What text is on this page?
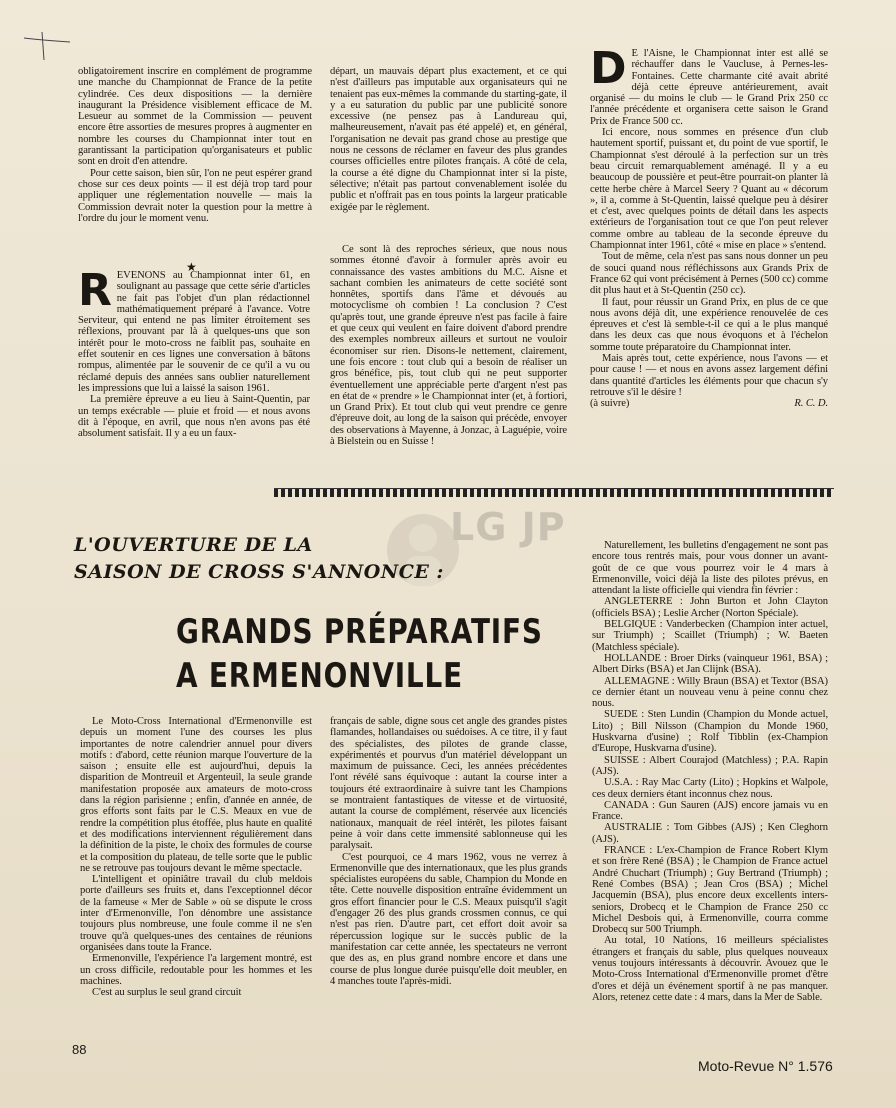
obligatoirement inscrire en complément de programme une manche du Championnat de France de la petite cylindrée. Ces deux dispositions — la dernière inaugurant la Présidence visiblement efficace de M. Lesueur au sommet de la Commission — peuvent encore être assorties de mesures propres à augmenter en nombre les courses du Championnat inter tout en garantissant la participation qu'organisateurs et public sont en droit d'en attendre.

Pour cette saison, bien sûr, l'on ne peut espérer grand chose sur ces deux points — il est déjà trop tard pour appliquer une réglementation nouvelle — mais la Commission devrait noter la question pour la mettre à l'ordre du jour le moment venu.

départ, un mauvais départ plus exactement, et ce qui n'est d'ailleurs pas imputable aux organisateurs qui ne tenaient pas eux-mêmes la commande du starting-gate, il y a eu saturation du public par une publicité sonore excessive (ne pensez pas à Landureau qui, malheureusement, n'avait pas été appelé) et, en général, l'organisation ne devait pas grand chose au prestige que nous ne cessons de réclamer en faveur des plus grandes courses officielles entre pilotes français. A côté de cela, la course a été digne du Championnat inter si la piste, sélective; n'était pas partout convenablement isolée du public et n'offrait pas en tous points la largeur praticable exigée par le règlement.

D E l'Aisne, le Championnat inter est allé se réchauffer dans le Vaucluse, à Pernes-les-Fontaines. Cette charmante cité avait abrité déjà cette épreuve antérieurement, avait organisé — du moins le club — le Grand Prix 250 cc l'année précédente et organisera cette saison le Grand Prix de France 500 cc.

Ici encore, nous sommes en présence d'un club hautement sportif, puissant et, du point de vue sportif, le Championnat s'est déroulé à la perfection sur un très beau circuit remarquablement aménagé. Il y a eu beaucoup de poussière et peut-être pourrait-on planter là cette herbe chère à Marcel Seery ? Quant au « décorum », il a, comme à St-Quentin, laissé quelque peu à désirer et c'est, avec quelques points de détail dans les aspects extérieurs de l'organisation tout ce que l'on peut relever comme ombre au tableau de la seconde épreuve du Championnat inter 1961, côté « mise en place » s'entend.

Tout de même, cela n'est pas sans nous donner un peu de souci quand nous réfléchissons aux Grands Prix de France 62 qui vont précisément à Pernes (500 cc) comme dit plus haut et à St-Quentin (250 cc).

Il faut, pour réussir un Grand Prix, en plus de ce que nous avons déjà dit, une expérience renouvelée de ces épreuves et c'est là semble-t-il ce qui a le plus manqué dans les deux cas que nous évoquons et à l'échelon somme toute préparatoire du Championnat inter.

Mais après tout, cette expérience, nous l'avons — et pour cause ! — et nous en avons assez largement défini dans quantité d'articles les éléments pour que chacun s'y retrouve s'il le désire !

(à suivre)	R. C. D.

★

REVENONS au Championnat inter 61, en soulignant au passage que cette série d'articles ne fait pas l'objet d'un plan rédactionnel mathématiquement préparé à l'avance. Votre Serviteur, qui entend ne pas limiter étroitement ses réflexions, prouvant par là à quelques-uns que son intérêt pour le moto-cross ne faiblit pas, souhaite en effet soutenir en ces lignes une conversation à bâtons rompus, alimentée par le souvenir de ce qu'il a vu ou réclamé depuis des années sans oublier naturellement les impressions que lui a laissé la saison 1961.

La première épreuve a eu lieu à Saint-Quentin, par un temps exécrable — pluie et froid — et nous avons dit à l'époque, en avril, que nous n'en avons pas été absolument satisfait. Il y a eu un faux-

Ce sont là des reproches sérieux, que nous nous sommes étonné d'avoir à formuler après avoir eu connaissance des vastes ambitions du M.C. Aisne et sachant combien les animateurs de cette société sont honnêtes, sportifs dans l'âme et dévoués au motocyclisme oh combien ! La conclusion ? C'est qu'après tout, une grande épreuve n'est pas facile à faire et que ceux qui veulent en faire doivent d'abord prendre des exemples nombreux ailleurs et surtout ne vouloir économiser sur rien. Disons-le nettement, clairement, une fois encore : tout club qui a besoin de réaliser un gros bénéfice, pis, tout club qui ne peut supporter éventuellement une appréciable perte d'argent n'est pas en état de « prendre » le Championnat inter (et, à fortiori, un Grand Prix). Et tout club qui veut prendre ce genre d'épreuve doit, au long de la saison qui précède, envoyer des observations à Mayenne, à Jonzac, à Laguépie, voire à Bielstein ou en Suisse !

LG JP
L'OUVERTURE DE LA
SAISON DE CROSS S'ANNONCE :
GRANDS PRÉPARATIFS
A ERMENONVILLE

Le Moto-Cross International d'Ermenonville est depuis un moment l'une des courses les plus importantes de notre calendrier annuel pour divers motifs : d'abord, cette réunion marque l'ouverture de la saison ; ensuite elle est aujourd'hui, depuis la disparition de Montreuil et Argenteuil, la seule grande manifestation proposée aux amateurs de moto-cross dans la région parisienne ; enfin, d'année en année, de gros efforts sont faits par le C.S. Meaux en vue de rendre la compétition plus étoffée, plus haute en qualité et des modifications interviennent régulièrement dans la définition de la piste, le choix des formules de course et la composition du plateau, de telle sorte que le public ne se retrouve pas toujours devant le même spectacle.

L'intelligent et opiniâtre travail du club meldois porte d'ailleurs ses fruits et, dans l'exceptionnel décor de la fameuse « Mer de Sable » où se dispute le cross inter d'Ermenonville, l'on dénombre une assistance toujours plus nombreuse, une foule comme il ne s'en trouve qu'à quelques-unes des centaines de réunions organisées dans toute la France.

Ermenonville, l'expérience l'a largement montré, est un cross difficile, redoutable pour les hommes et les machines.

C'est au surplus le seul grand circuit

français de sable, digne sous cet angle des grandes pistes flamandes, hollandaises ou suédoises. A ce titre, il y faut des spécialistes, des pilotes de grande classe, expérimentés et pourvus d'un matériel développant un maximum de puissance. Ceci, les années précédentes l'ont révélé sans équivoque : autant la course inter a toujours été extraordinaire à suivre tant les Champions se montraient fantastiques de vitesse et de virtuosité, autant la course de complément, réservée aux licenciés nationaux, manquait de réel intérêt, les pilotes faisant peine à voir dans cette immensité sablonneuse qui les paralysait.

C'est pourquoi, ce 4 mars 1962, vous ne verrez à Ermenonville que des internationaux, que les plus grands spécialistes européens du sable, Champion du Monde en tête. Cette nouvelle disposition entraîne évidemment un gros effort financier pour le C.S. Meaux puisqu'il s'agit d'engager 26 des plus grands crossmen connus, ce qui n'est pas rien. D'autre part, cet effort doit avoir sa répercussion logique sur le succès public de la manifestation car cette année, les spectateurs ne verront que des as, en plus grand nombre encore et dans une course de plus longue durée puisqu'elle doit meubler, en 4 manches toute l'après-midi.

Naturellement, les bulletins d'engagement ne sont pas encore tous rentrés mais, pour vous donner un avant-goût de ce que vous pourrez voir le 4 mars à Ermenonville, voici déjà la liste des pilotes prévus, en attendant la liste officielle qui viendra fin février :

ANGLETERRE : John Burton et John Clayton (officiels BSA) ; Leslie Archer (Norton Spéciale).

BELGIQUE : Vanderbecken (Champion inter actuel, sur Triumph) ; Scaillet (Triumph) ; W. Baeten (Matchless spéciale).

HOLLANDE : Broer Dirks (vainqueur 1961, BSA) ; Albert Dirks (BSA) et Jan Clijnk (BSA).

ALLEMAGNE : Willy Braun (BSA) et Textor (BSA) ce dernier étant un nouveau venu à peine connu chez nous.

SUEDE : Sten Lundin (Champion du Monde actuel, Lito) ; Bill Nilsson (Champion du Monde 1960, Huskvarna d'usine) ; Rolf Tibblin (ex-Champion d'Europe, Huskvarna d'usine).

SUISSE : Albert Courajod (Matchless) ; P.A. Rapin (AJS).

U.S.A. : Ray Mac Carty (Lito) ; Hopkins et Walpole, ces deux derniers étant inconnus chez nous.

CANADA : Gun Sauren (AJS) encore jamais vu en France.

AUSTRALIE : Tom Gibbes (AJS) ; Ken Cleghorn (AJS).

FRANCE : L'ex-Champion de France Robert Klym et son frère René (BSA) ; le Champion de France actuel André Chuchart (Triumph) ; Guy Bertrand (Triumph) ; René Combes (BSA) ; Jean Cros (BSA) ; Michel Jacquemin (BSA), plus encore deux excellents inters-seniors, Drobecq et le Champion de France 250 cc Michel Desbois qui, à Ermenonville, courra comme Drobecq sur 500 Triumph.

Au total, 10 Nations, 16 meilleurs spécialistes étrangers et français du sable, plus quelques nouveaux venus toujours intéressants à découvrir. Avouez que le Moto-Cross International d'Ermenonville promet d'être d'ores et déjà un événement sportif à ne pas manquer. Alors, retenez cette date : 4 mars, dans la Mer de Sable.

88
Moto-Revue N° 1.576
